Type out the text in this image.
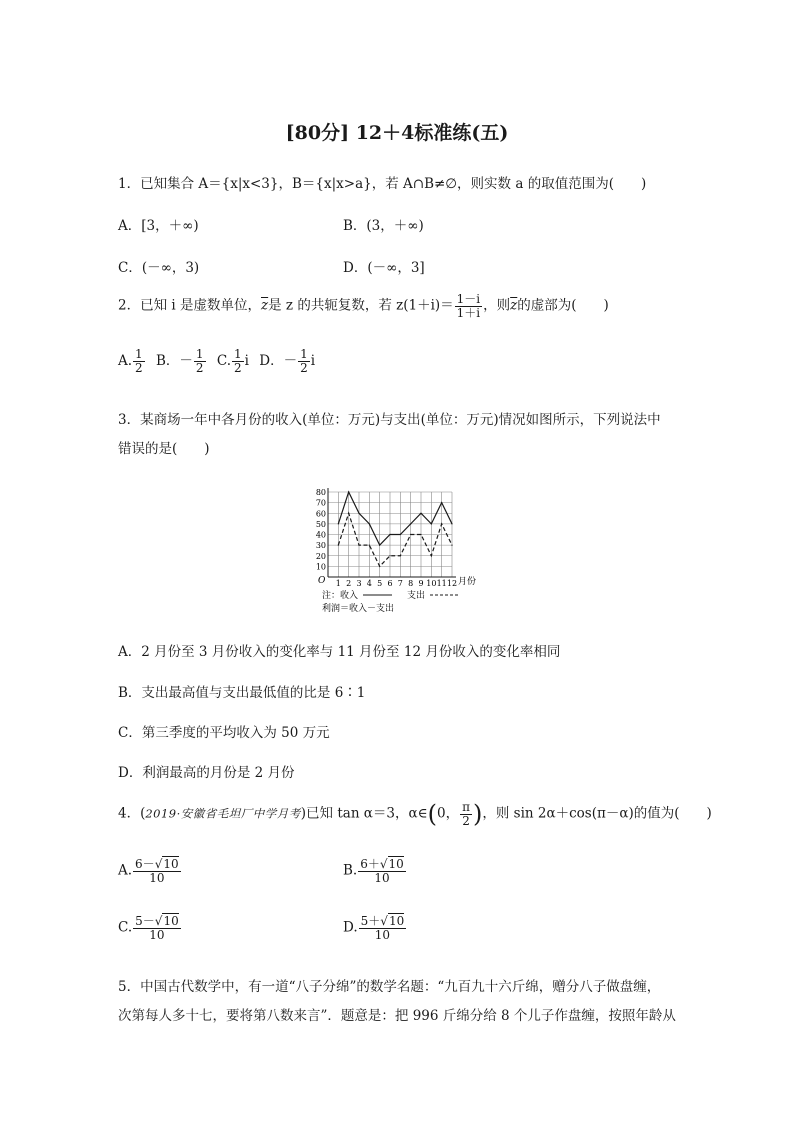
[80分] 12＋4标准练(五)
1．已知集合 A＝{x|x<3}，B＝{x|x>a}，若 A∩B≠∅，则实数 a 的取值范围为(　　)
A．[3，＋∞)	B．(3，＋∞)
C．(－∞，3)	D．(－∞，3]
2．已知 i 是虚数单位，$\overline{z}$是 z 的共轭复数，若 $z(1+i)= \frac{1-i}{1+i}$ ，则$\overline{z}$的虚部为(　　)
A. $\frac{1}{2}$ B．－ $\frac{1}{2} C$. $\frac{1}{2}$ i D．－ $\frac{1}{2}$ i
3．某商场一年中各月份的收入(单位：万元)与支出(单位：万元)情况如图所示，下列说法中
错误的是(　　)
10
20
30
40
50
60
70
80
1 2 3 4 5 6 7 8 9 10 11 12
O	月份
注：收入	支出
利润＝收入－支出
A．2 月份至 3 月份收入的变化率与 11 月份至 12 月份收入的变化率相同
B．支出最高值与支出最低值的比是 6∶1
C．第三季度的平均收入为 50 万元
D．利润最高的月份是 2 月份
4．(2019·安徽省毛坦厂中学月考)已知 tan α＝3，α∈(0， $\frac{\pi}{2}$ )，则 sin 2α＋cos(π－α)的值为(　　)
A. $\frac{6-√10}{10}$	B. $\frac{6+√10}{10}$
C. $\frac{5-√10}{10}$	D. $\frac{5+√10}{10}$
5．中国古代数学中，有一道“八子分绵”的数学名题：“九百九十六斤绵，赠分八子做盘缠，
次第每人多十七，要将第八数来言”．题意是：把 996 斤绵分给 8 个儿子作盘缠，按照年龄从
